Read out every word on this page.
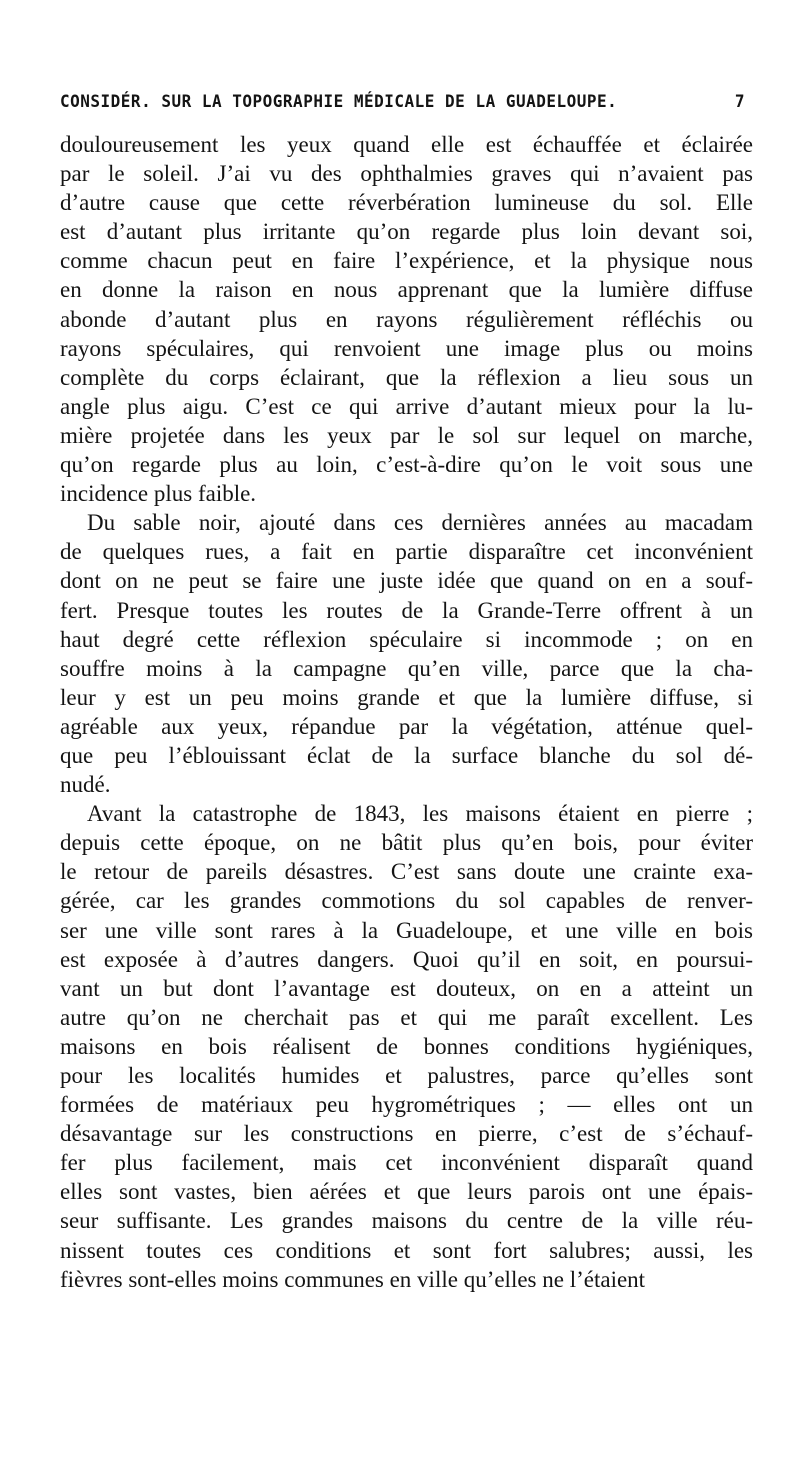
CONSIDÉR. SUR LA TOPOGRAPHIE MÉDICALE DE LA GUADELOUPE.	7
douloureusement les yeux quand elle est échauffée et éclairée
par le soleil. J’ai vu des ophthalmies graves qui n’avaient pas
d’autre cause que cette réverbération lumineuse du sol. Elle
est d’autant plus irritante qu’on regarde plus loin devant soi,
comme chacun peut en faire l’expérience, et la physique nous
en donne la raison en nous apprenant que la lumière diffuse
abonde d’autant plus en rayons régulièrement réfléchis ou
rayons spéculaires, qui renvoient une image plus ou moins
complète du corps éclairant, que la réflexion a lieu sous un
angle plus aigu. C’est ce qui arrive d’autant mieux pour la lu-
mière projetée dans les yeux par le sol sur lequel on marche,
qu’on regarde plus au loin, c’est-à-dire qu’on le voit sous une
incidence plus faible.
Du sable noir, ajouté dans ces dernières années au macadam
de quelques rues, a fait en partie disparaître cet inconvénient
dont on ne peut se faire une juste idée que quand on en a souf-
fert. Presque toutes les routes de la Grande-Terre offrent à un
haut degré cette réflexion spéculaire si incommode ; on en
souffre moins à la campagne qu’en ville, parce que la cha-
leur y est un peu moins grande et que la lumière diffuse, si
agréable aux yeux, répandue par la végétation, atténue quel-
que peu l’éblouissant éclat de la surface blanche du sol dé-
nudé.
Avant la catastrophe de 1843, les maisons étaient en pierre ;
depuis cette époque, on ne bâtit plus qu’en bois, pour éviter
le retour de pareils désastres. C’est sans doute une crainte exa-
gérée, car les grandes commotions du sol capables de renver-
ser une ville sont rares à la Guadeloupe, et une ville en bois
est exposée à d’autres dangers. Quoi qu’il en soit, en poursui-
vant un but dont l’avantage est douteux, on en a atteint un
autre qu’on ne cherchait pas et qui me paraît excellent. Les
maisons en bois réalisent de bonnes conditions hygiéniques,
pour les localités humides et palustres, parce qu’elles sont
formées de matériaux peu hygrométriques ; — elles ont un
désavantage sur les constructions en pierre, c’est de s’échauf-
fer plus facilement, mais cet inconvénient disparaît quand
elles sont vastes, bien aérées et que leurs parois ont une épais-
seur suffisante. Les grandes maisons du centre de la ville réu-
nissent toutes ces conditions et sont fort salubres; aussi, les
fièvres sont-elles moins communes en ville qu’elles ne l’étaient
